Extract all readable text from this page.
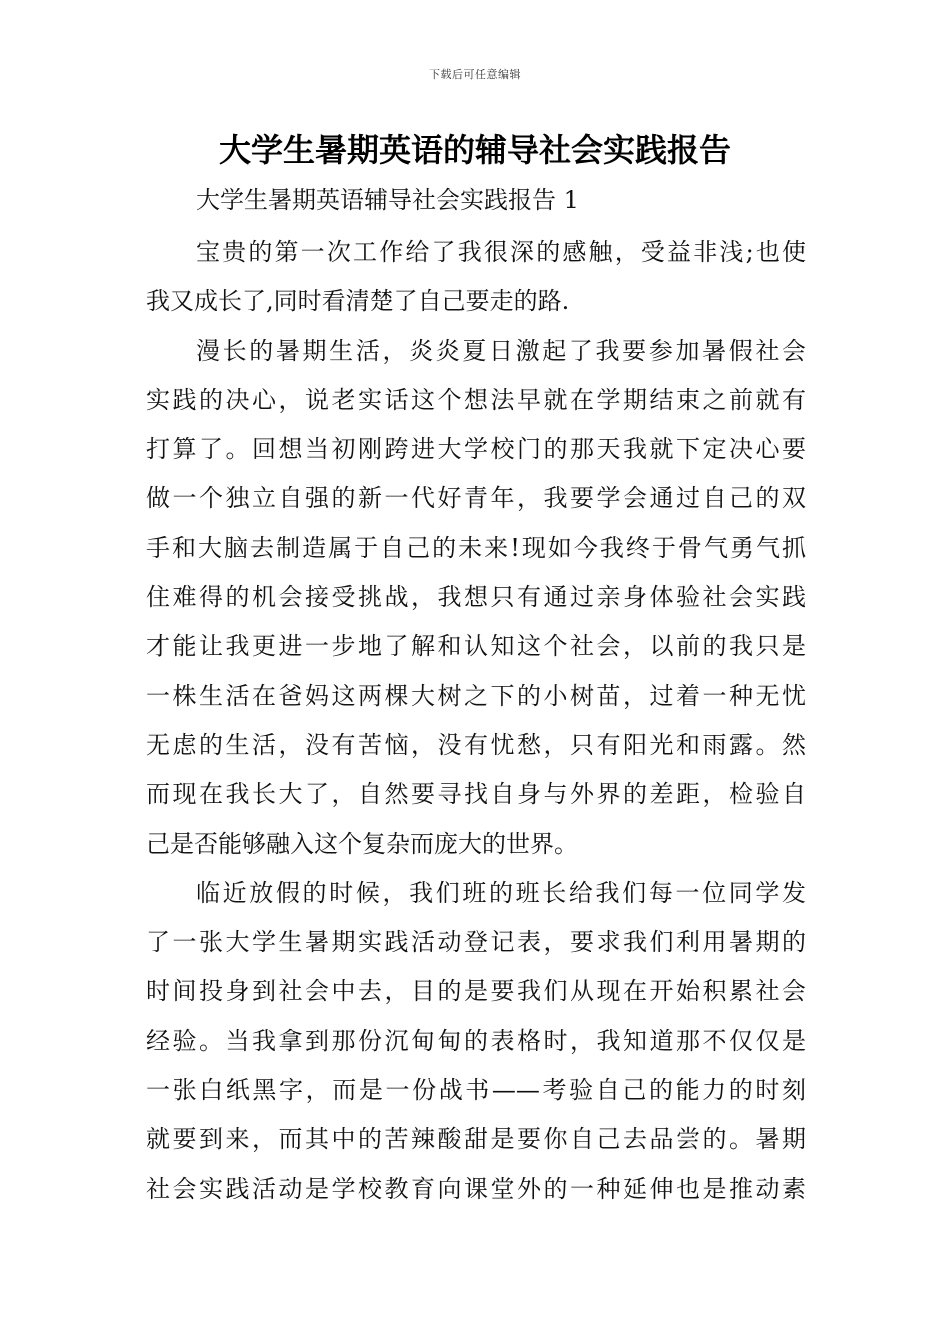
下载后可任意编辑
大学生暑期英语的辅导社会实践报告
大学生暑期英语辅导社会实践报告 1

宝贵的第一次工作给了我很深的感触，受益非浅;也使
我又成长了,同时看清楚了自己要走的路.

漫长的暑期生活，炎炎夏日激起了我要参加暑假社会
实践的决心，说老实话这个想法早就在学期结束之前就有
打算了。回想当初刚跨进大学校门的那天我就下定决心要
做一个独立自强的新一代好青年，我要学会通过自己的双
手和大脑去制造属于自己的未来!现如今我终于骨气勇气抓
住难得的机会接受挑战，我想只有通过亲身体验社会实践
才能让我更进一步地了解和认知这个社会，以前的我只是
一株生活在爸妈这两棵大树之下的小树苗，过着一种无忧
无虑的生活，没有苦恼，没有忧愁，只有阳光和雨露。然
而现在我长大了，自然要寻找自身与外界的差距，检验自
己是否能够融入这个复杂而庞大的世界。

临近放假的时候，我们班的班长给我们每一位同学发
了一张大学生暑期实践活动登记表，要求我们利用暑期的
时间投身到社会中去，目的是要我们从现在开始积累社会
经验。当我拿到那份沉甸甸的表格时，我知道那不仅仅是
一张白纸黑字，而是一份战书——考验自己的能力的时刻
就要到来，而其中的苦辣酸甜是要你自己去品尝的。暑期
社会实践活动是学校教育向课堂外的一种延伸也是推动素
